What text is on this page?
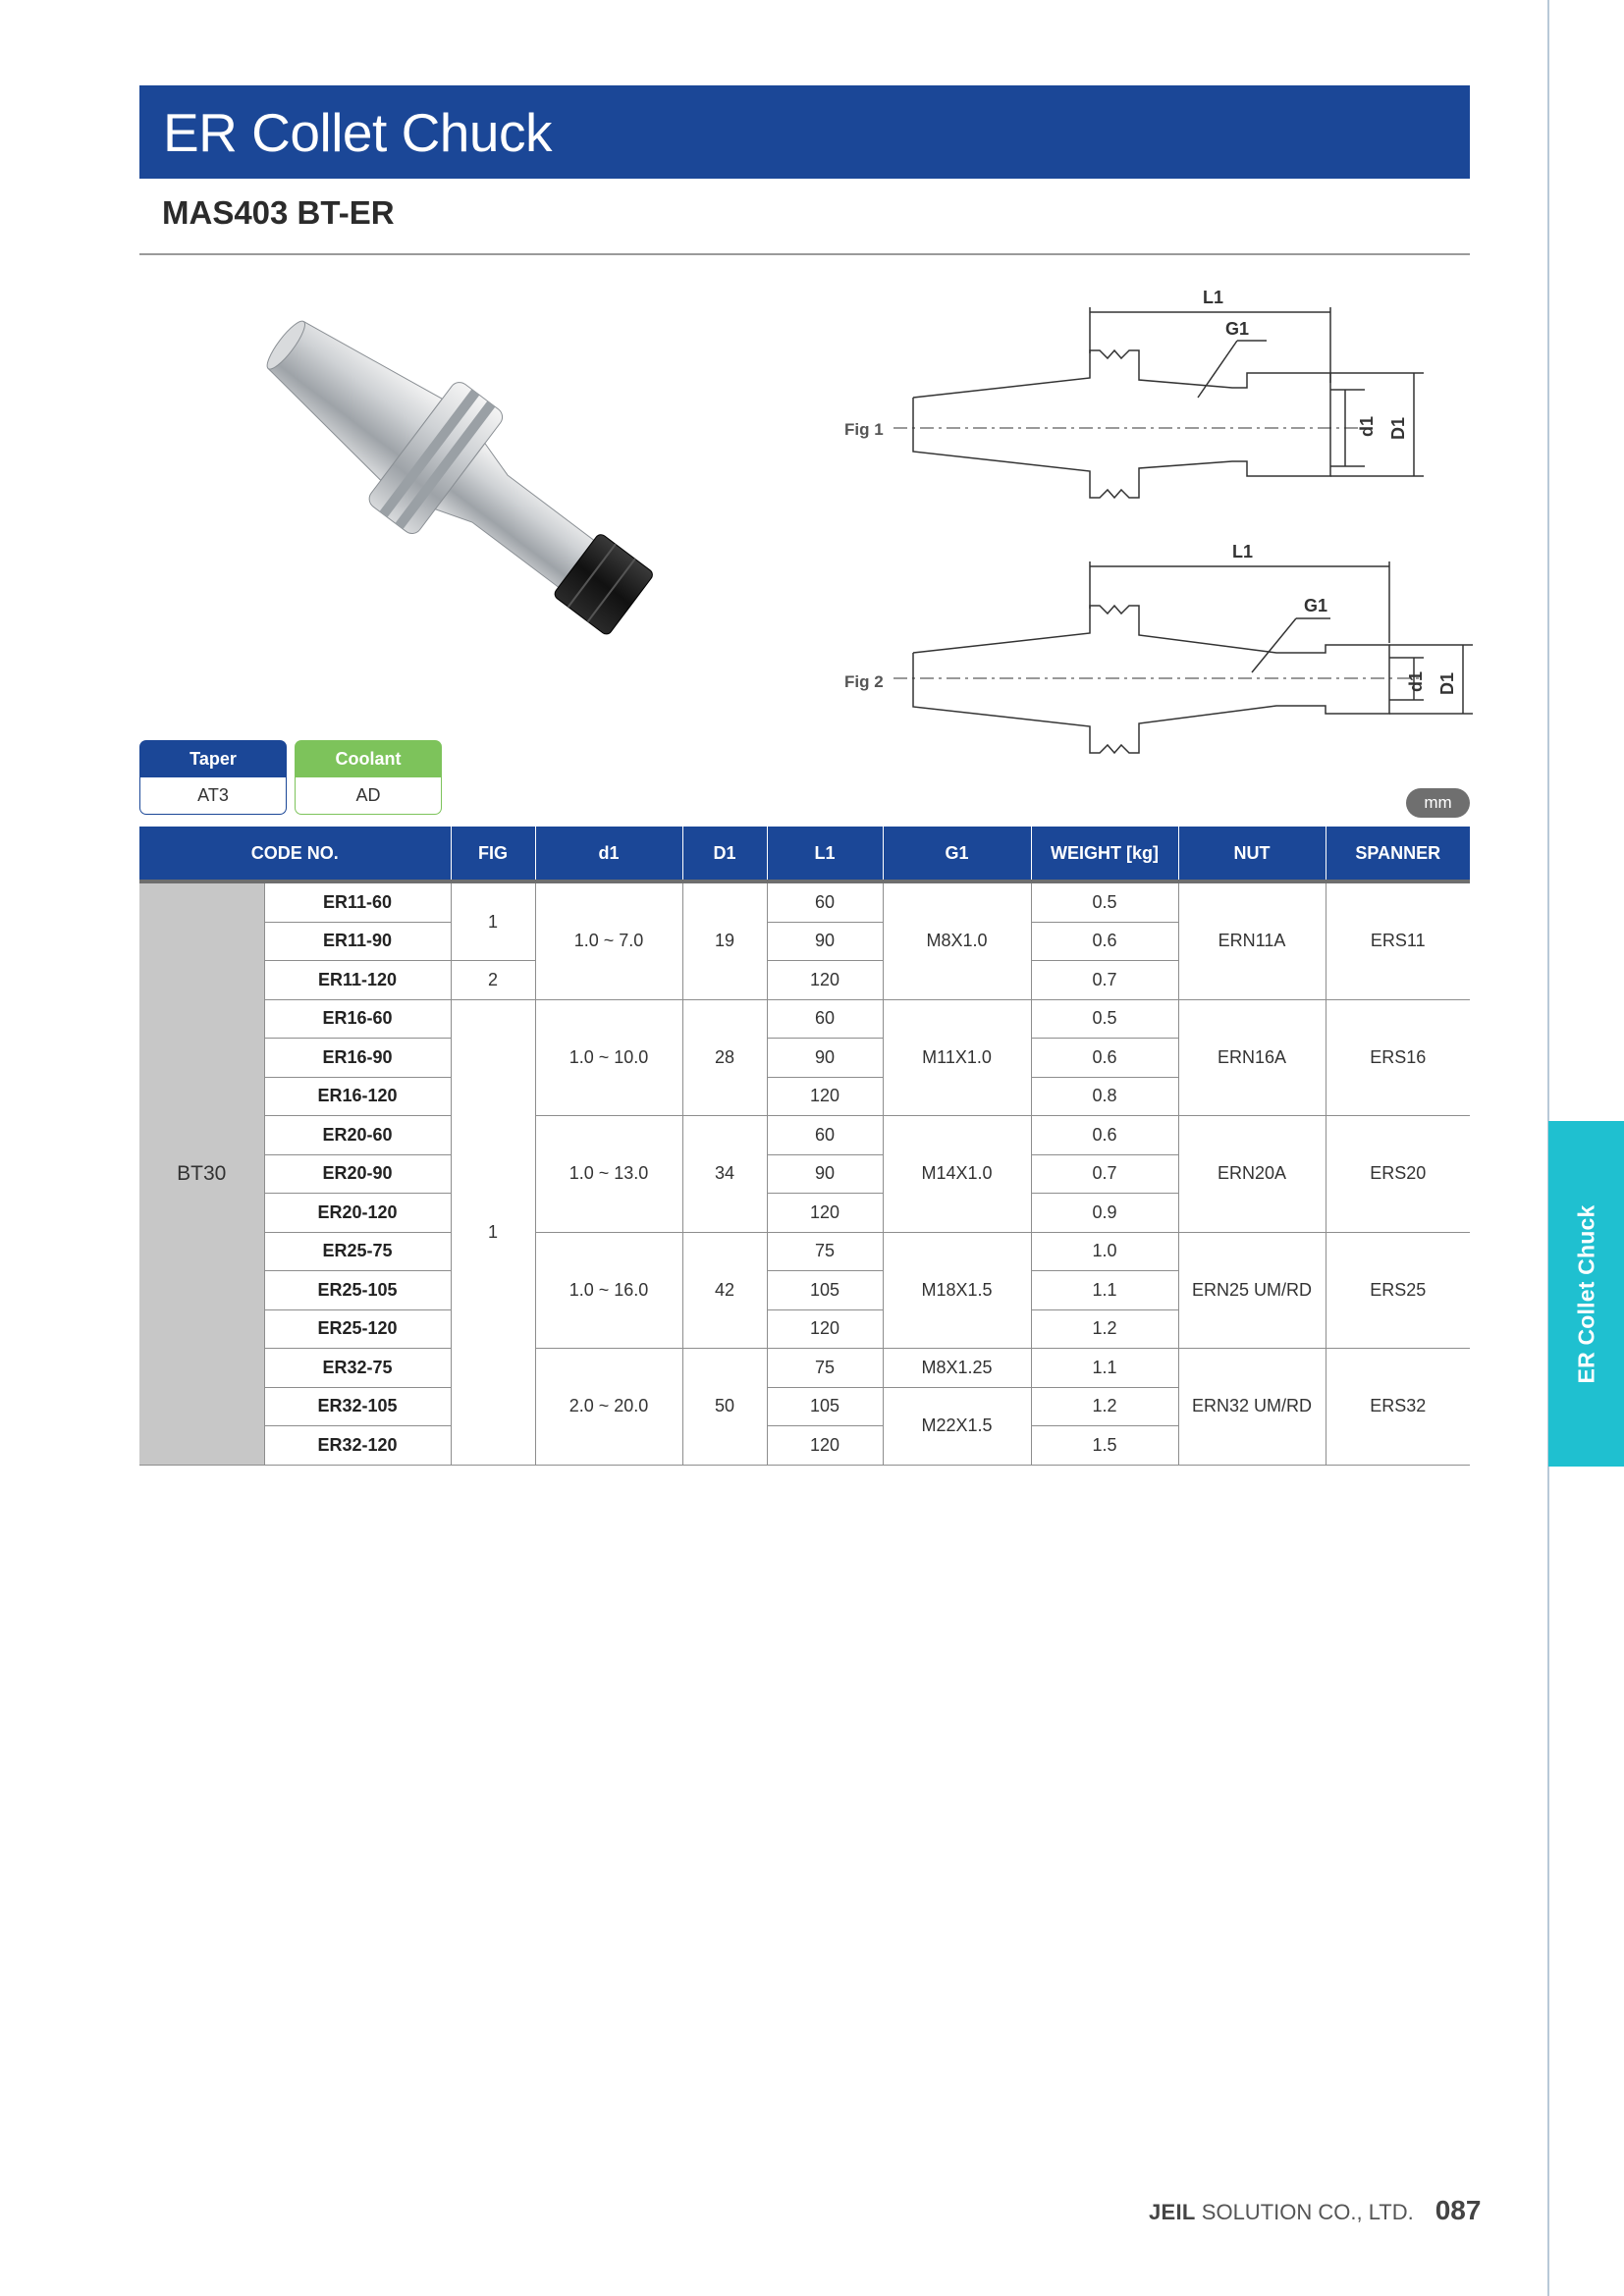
ER Collet Chuck
ER Collet Chuck
MAS403 BT-ER
Fig 1
L1
G1
d1 D1
Fig 2
L1
G1
d1 D1
Taper
AT3
Coolant
AD	mm
CODE NO.		FIG	d1	D1	L1	G1	WEIGHT [kg]	NUT	SPANNER
BT30	ER11-60	1	1.0 ~ 7.0	19	60	M8X1.0	0.5	ERN11A	ERS11
	ER11-90				90		0.6		
	ER11-120	2			120		0.7		
	ER16-60	1	1.0 ~ 10.0	28	60	M11X1.0	0.5	ERN16A	ERS16
	ER16-90				90		0.6		
	ER16-120				120		0.8		
	ER20-60		1.0 ~ 13.0	34	60	M14X1.0	0.6	ERN20A	ERS20
	ER20-90				90		0.7		
	ER20-120				120		0.9		
	ER25-75		1.0 ~ 16.0	42	75	M18X1.5	1.0	ERN25 UM/RD	ERS25
	ER25-105				105		1.1		
	ER25-120				120		1.2		
	ER32-75		2.0 ~ 20.0	50	75	M8X1.25	1.1	ERN32 UM/RD	ERS32
	ER32-105				105	M22X1.5	1.2		
	ER32-120				120		1.5		
JEIL SOLUTION CO., LTD. 087
